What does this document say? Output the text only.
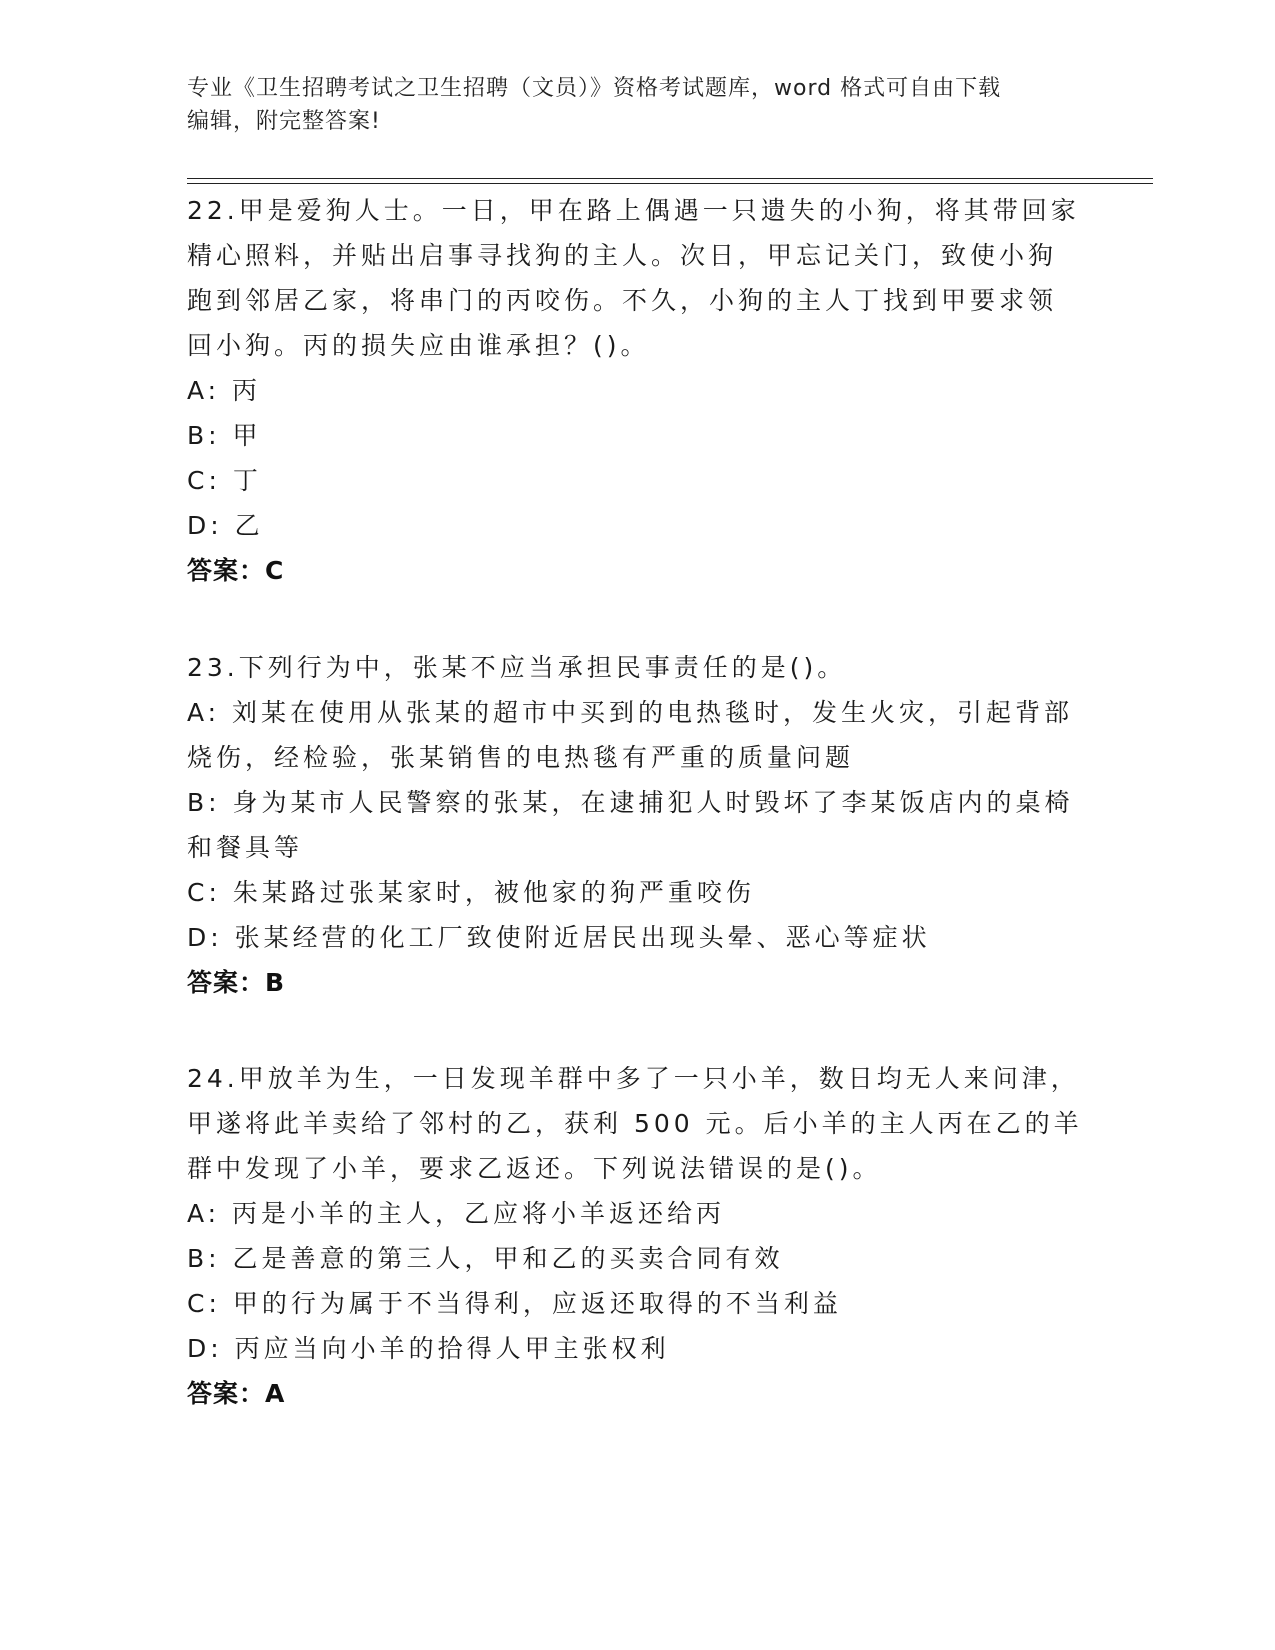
专业《卫生招聘考试之卫生招聘（文员）》资格考试题库，word 格式可自由下载
编辑，附完整答案!
22.甲是爱狗人士。一日，甲在路上偶遇一只遗失的小狗，将其带回家
精心照料，并贴出启事寻找狗的主人。次日，甲忘记关门，致使小狗
跑到邻居乙家，将串门的丙咬伤。不久，小狗的主人丁找到甲要求领
回小狗。丙的损失应由谁承担？()。
A: 丙
B: 甲
C: 丁
D: 乙
答案：C
23.下列行为中，张某不应当承担民事责任的是()。
A: 刘某在使用从张某的超市中买到的电热毯时，发生火灾，引起背部
烧伤，经检验，张某销售的电热毯有严重的质量问题
B: 身为某市人民警察的张某，在逮捕犯人时毁坏了李某饭店内的桌椅
和餐具等
C: 朱某路过张某家时，被他家的狗严重咬伤
D: 张某经营的化工厂致使附近居民出现头晕、恶心等症状
答案：B
24.甲放羊为生，一日发现羊群中多了一只小羊，数日均无人来问津，
甲遂将此羊卖给了邻村的乙，获利 500 元。后小羊的主人丙在乙的羊
群中发现了小羊，要求乙返还。下列说法错误的是()。
A: 丙是小羊的主人，乙应将小羊返还给丙
B: 乙是善意的第三人，甲和乙的买卖合同有效
C: 甲的行为属于不当得利，应返还取得的不当利益
D: 丙应当向小羊的拾得人甲主张权利
答案：A
